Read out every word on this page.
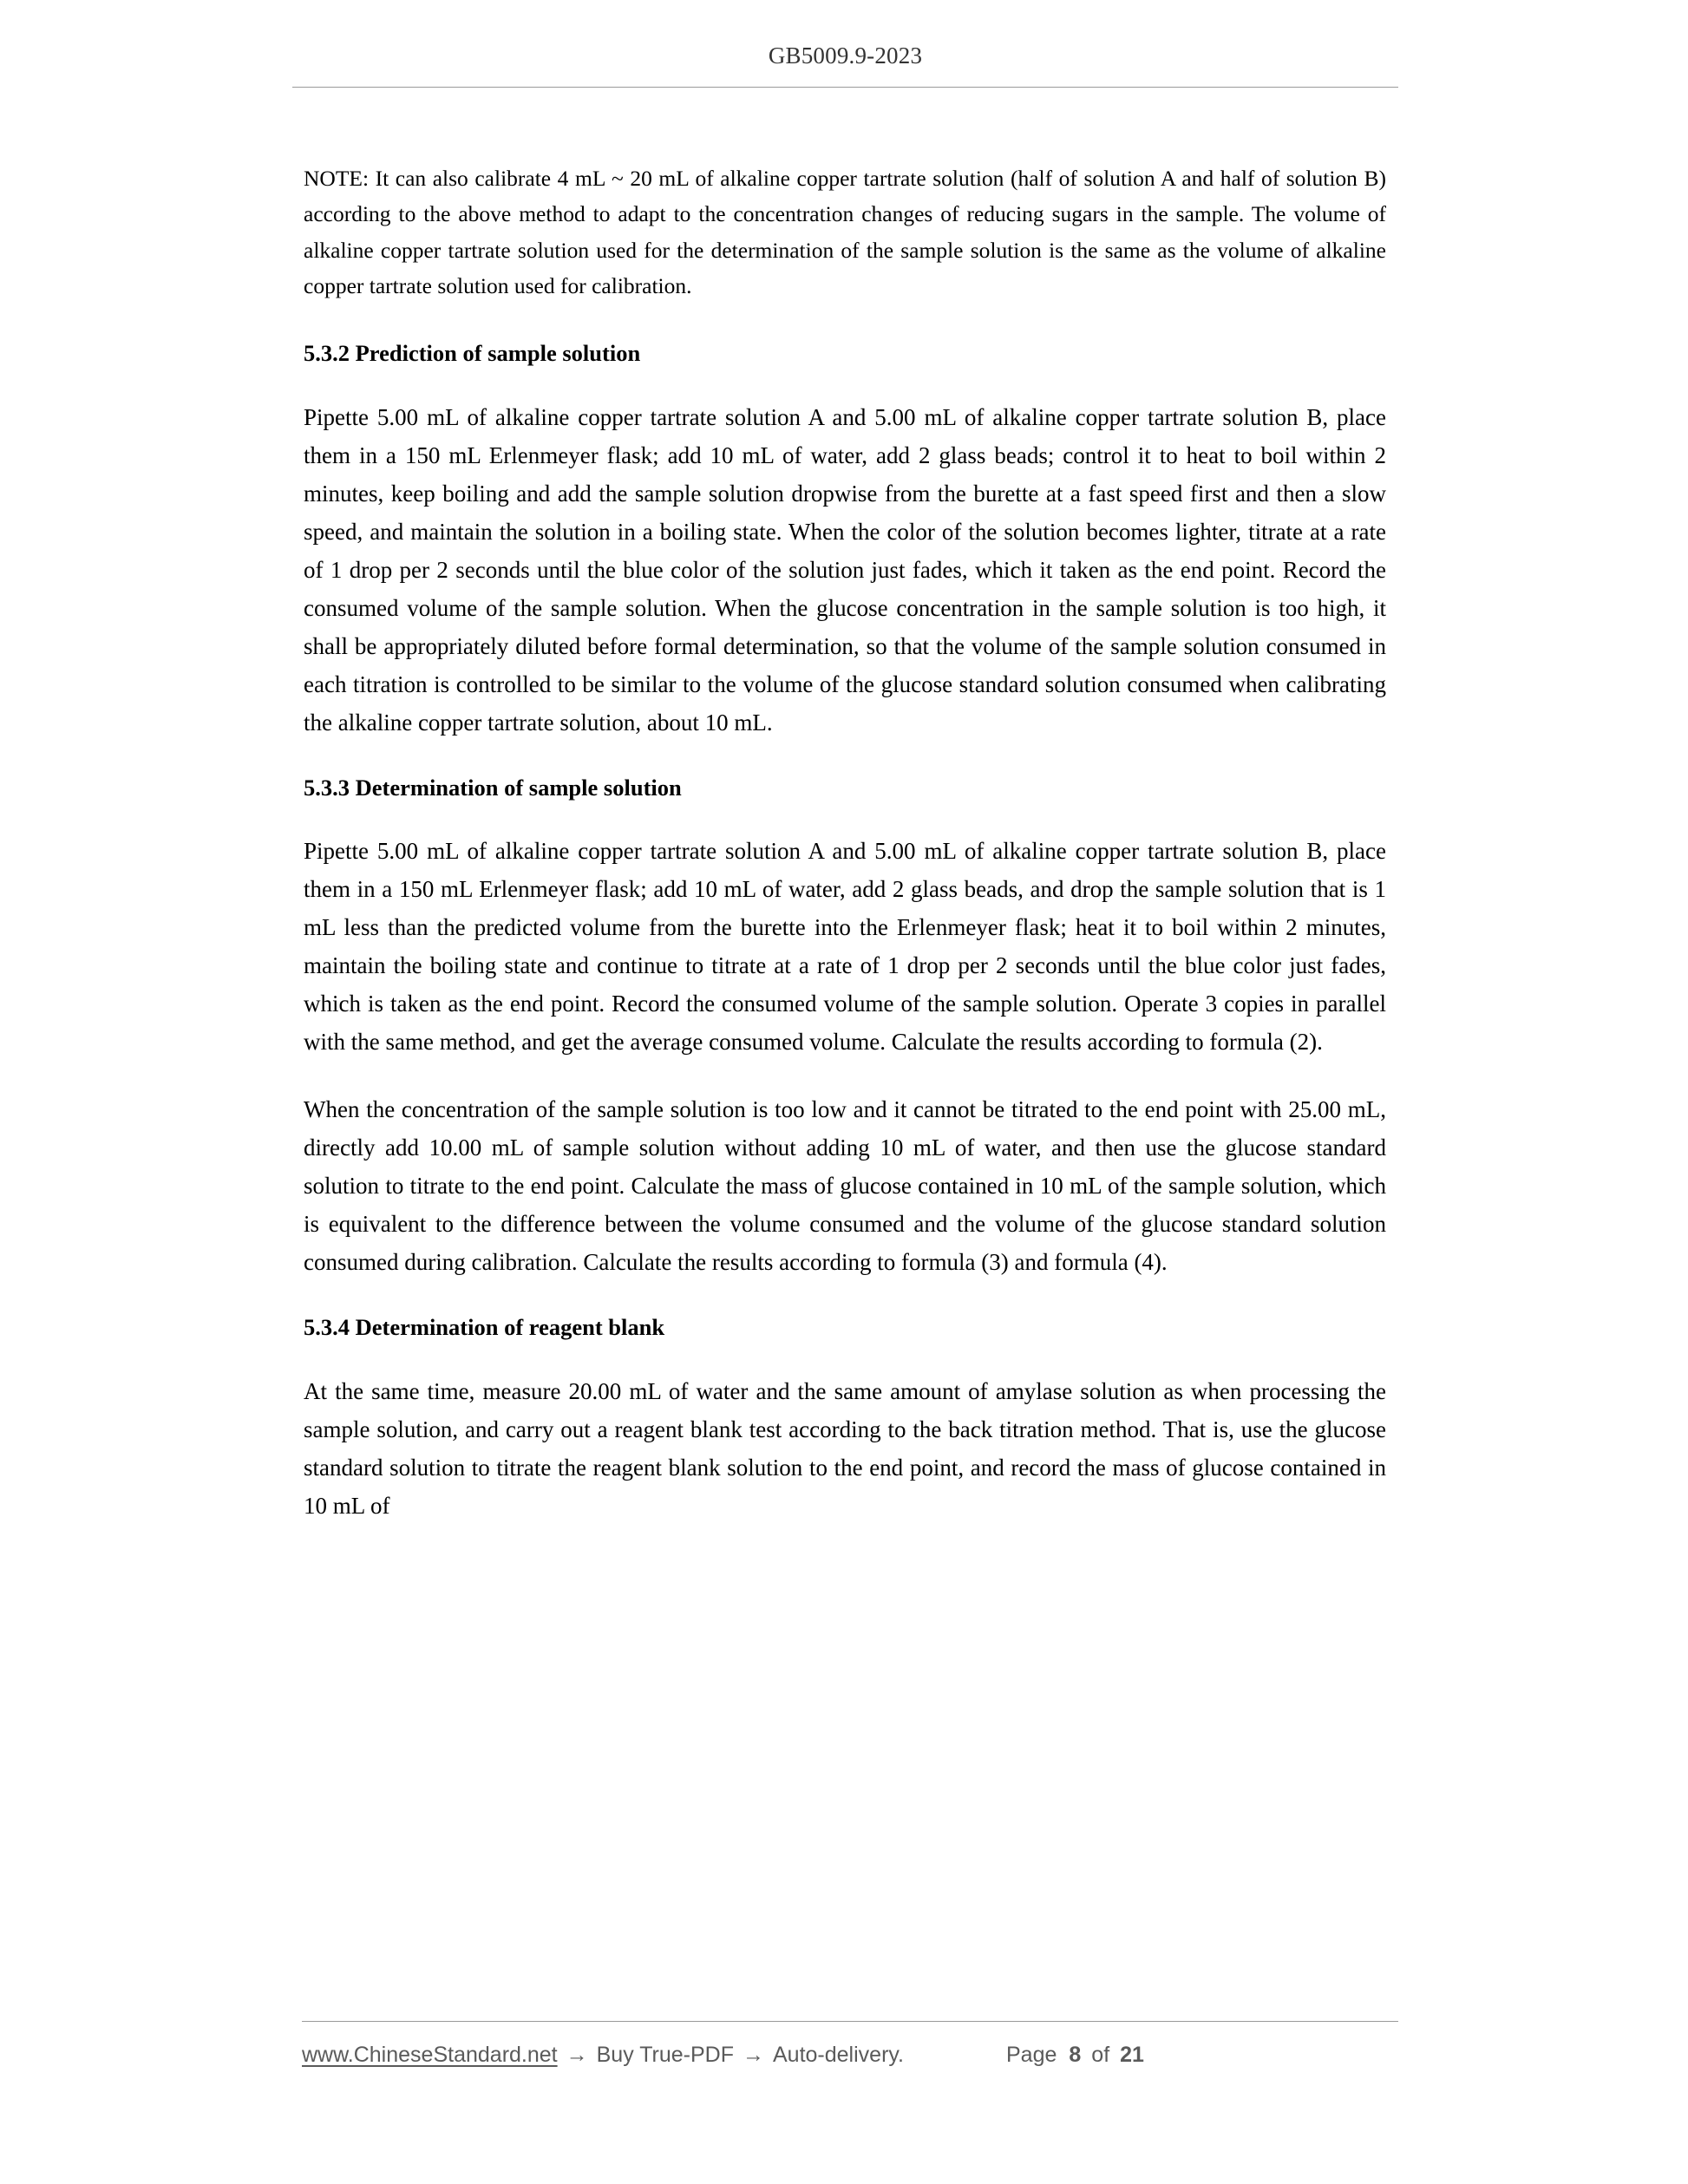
GB5009.9-2023

NOTE: It can also calibrate 4 mL ~ 20 mL of alkaline copper tartrate solution (half of solution A and half of solution B) according to the above method to adapt to the concentration changes of reducing sugars in the sample. The volume of alkaline copper tartrate solution used for the determination of the sample solution is the same as the volume of alkaline copper tartrate solution used for calibration.

5.3.2 Prediction of sample solution

Pipette 5.00 mL of alkaline copper tartrate solution A and 5.00 mL of alkaline copper tartrate solution B, place them in a 150 mL Erlenmeyer flask; add 10 mL of water, add 2 glass beads; control it to heat to boil within 2 minutes, keep boiling and add the sample solution dropwise from the burette at a fast speed first and then a slow speed, and maintain the solution in a boiling state. When the color of the solution becomes lighter, titrate at a rate of 1 drop per 2 seconds until the blue color of the solution just fades, which it taken as the end point. Record the consumed volume of the sample solution. When the glucose concentration in the sample solution is too high, it shall be appropriately diluted before formal determination, so that the volume of the sample solution consumed in each titration is controlled to be similar to the volume of the glucose standard solution consumed when calibrating the alkaline copper tartrate solution, about 10 mL.

5.3.3 Determination of sample solution

Pipette 5.00 mL of alkaline copper tartrate solution A and 5.00 mL of alkaline copper tartrate solution B, place them in a 150 mL Erlenmeyer flask; add 10 mL of water, add 2 glass beads, and drop the sample solution that is 1 mL less than the predicted volume from the burette into the Erlenmeyer flask; heat it to boil within 2 minutes, maintain the boiling state and continue to titrate at a rate of 1 drop per 2 seconds until the blue color just fades, which is taken as the end point. Record the consumed volume of the sample solution. Operate 3 copies in parallel with the same method, and get the average consumed volume. Calculate the results according to formula (2).

When the concentration of the sample solution is too low and it cannot be titrated to the end point with 25.00 mL, directly add 10.00 mL of sample solution without adding 10 mL of water, and then use the glucose standard solution to titrate to the end point. Calculate the mass of glucose contained in 10 mL of the sample solution, which is equivalent to the difference between the volume consumed and the volume of the glucose standard solution consumed during calibration. Calculate the results according to formula (3) and formula (4).

5.3.4 Determination of reagent blank

At the same time, measure 20.00 mL of water and the same amount of amylase solution as when processing the sample solution, and carry out a reagent blank test according to the back titration method. That is, use the glucose standard solution to titrate the reagent blank solution to the end point, and record the mass of glucose contained in 10 mL of

www.ChineseStandard.net → Buy True-PDF → Auto-delivery.	Page 8 of 21
